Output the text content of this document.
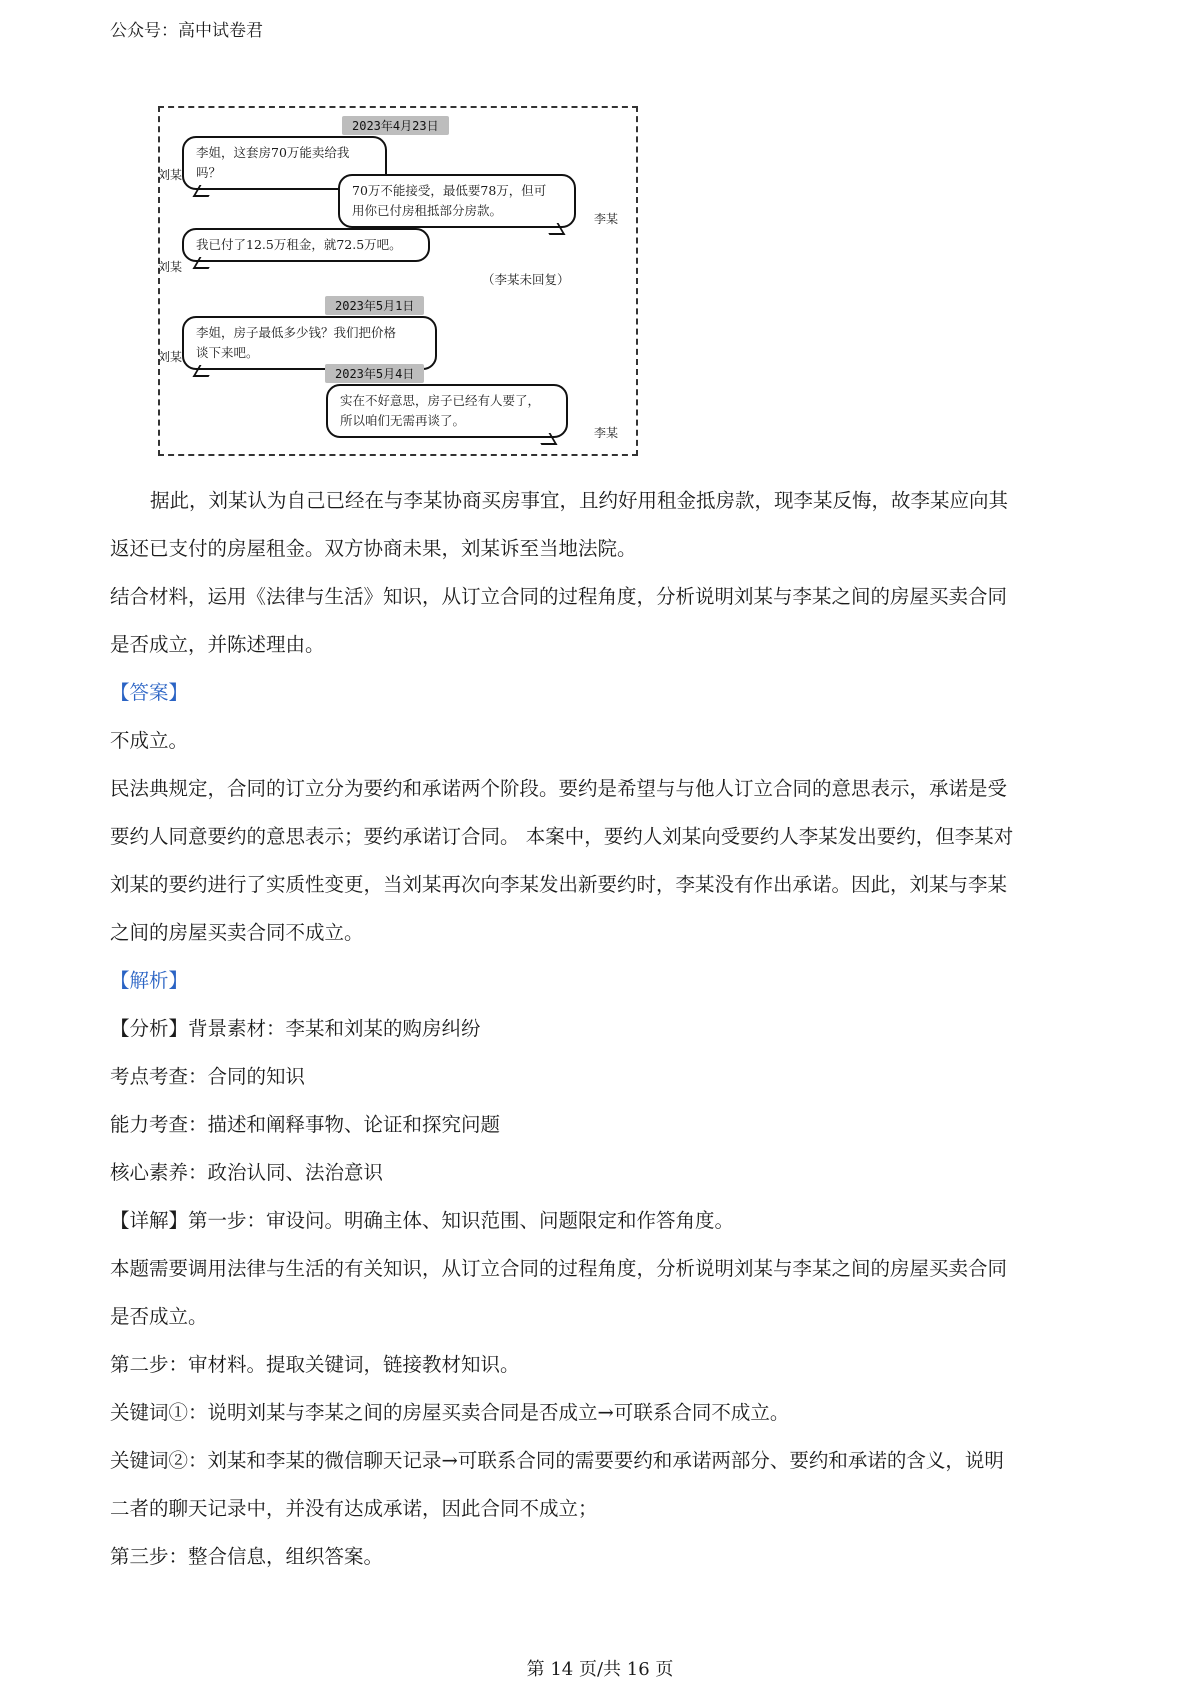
公众号：高中试卷君
2023年4月23日
李姐，这套房70万能卖给我吗？
刘某
70万不能接受，最低要78万，但可
用你已付房租抵部分房款。
李某
我已付了12.5万租金，就72.5万吧。
刘某
（李某未回复）
2023年5月1日
李姐，房子最低多少钱？我们把价格
谈下来吧。
刘某
2023年5月4日
实在不好意思，房子已经有人要了，
所以咱们无需再谈了。
李某
据此，刘某认为自己已经在与李某协商买房事宜，且约好用租金抵房款，现李某反悔，故李某应向其
返还已支付的房屋租金。双方协商未果，刘某诉至当地法院。
结合材料，运用《法律与生活》知识，从订立合同的过程角度，分析说明刘某与李某之间的房屋买卖合同
是否成立，并陈述理由。
【答案】
不成立。
民法典规定，合同的订立分为要约和承诺两个阶段。要约是希望与与他人订立合同的意思表示，承诺是受
要约人同意要约的意思表示；要约承诺订合同。 本案中，要约人刘某向受要约人李某发出要约，但李某对
刘某的要约进行了实质性变更，当刘某再次向李某发出新要约时，李某没有作出承诺。因此，刘某与李某
之间的房屋买卖合同不成立。
【解析】
【分析】背景素材：李某和刘某的购房纠纷
考点考查：合同的知识
能力考查：描述和阐释事物、论证和探究问题
核心素养：政治认同、法治意识
【详解】第一步：审设问。明确主体、知识范围、问题限定和作答角度。
本题需要调用法律与生活的有关知识，从订立合同的过程角度，分析说明刘某与李某之间的房屋买卖合同
是否成立。
第二步：审材料。提取关键词，链接教材知识。
关键词①：说明刘某与李某之间的房屋买卖合同是否成立→可联系合同不成立。
关键词②：刘某和李某的微信聊天记录→可联系合同的需要要约和承诺两部分、要约和承诺的含义，说明
二者的聊天记录中，并没有达成承诺，因此合同不成立；
第三步：整合信息，组织答案。
第 14 页/共 16 页
